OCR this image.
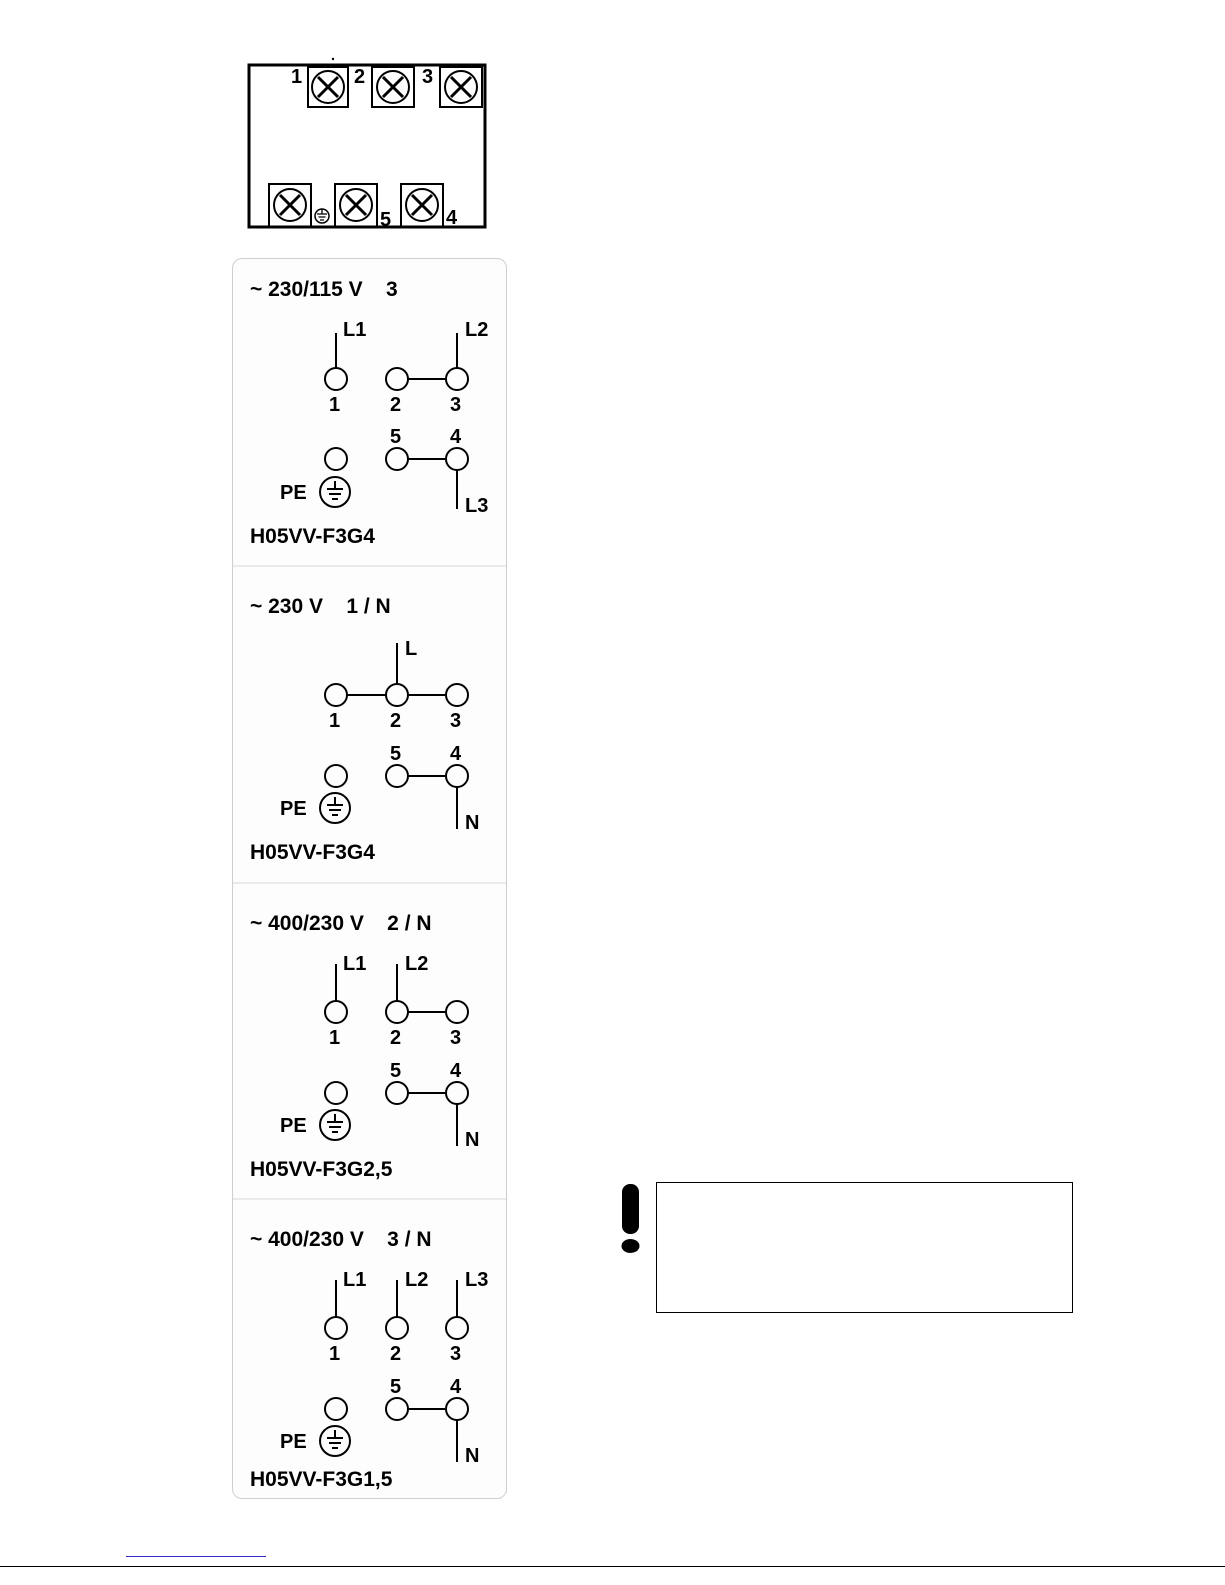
1	2	3
5	4
~ 230/115 V    3
L1	L2
1 2 3
5 4
L3
PE
H05VV-F3G4
~ 230 V    1 / N
L
1 2 3
5 4
N
PE
H05VV-F3G4
~ 400/230 V    2 / N
L1 L2
1 2 3
5 4
N
PE
H05VV-F3G2,5
~ 400/230 V    3 / N
L1 L2 L3
1 2 3
5 4
N
PE
H05VV-F3G1,5
